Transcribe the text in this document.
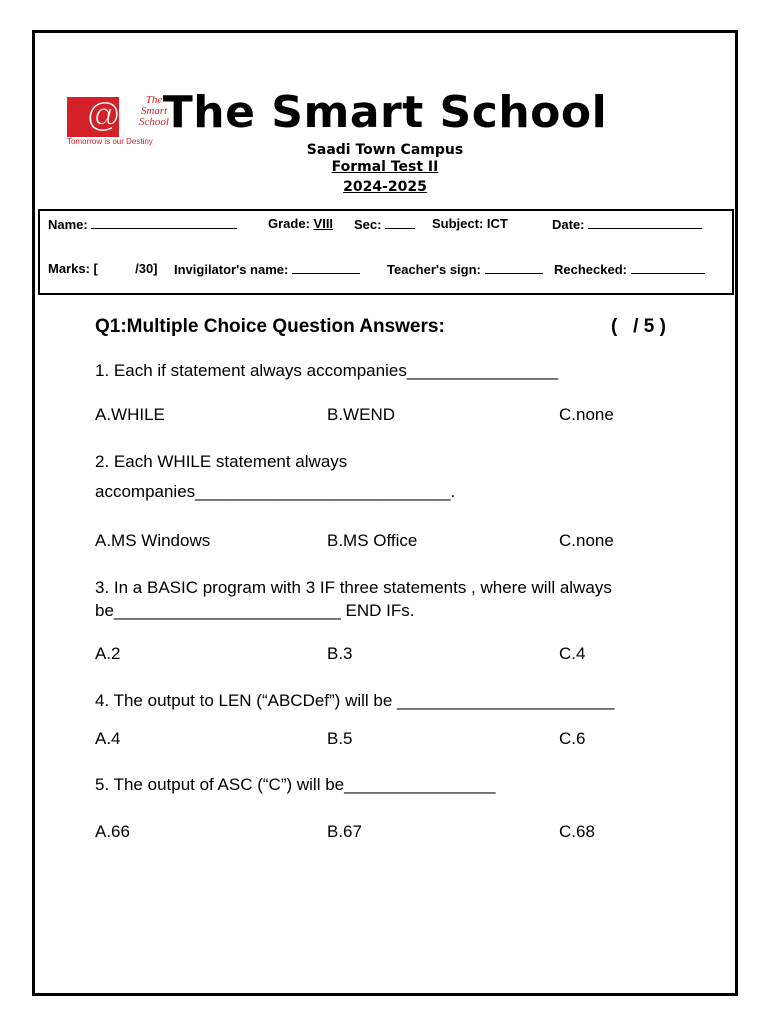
@	The
Smart
School
Tomorrow is our Destiny
The Smart School
Saadi Town Campus
Formal Test II
2024-2025
Name:	Grade: VIII Sec:	Subject: ICT	Date:
Marks: [	/30] Invigilator's name:	Teacher's sign:	Rechecked:
Q1:Multiple Choice Question Answers:	(   / 5 )
1. Each if statement always accompanies________________
A.WHILE	B.WEND	C.none
2. Each WHILE statement always
accompanies___________________________.
A.MS Windows	B.MS Office	C.none
3. In a BASIC program with 3 IF three statements , where will always
be________________________ END IFs.
A.2	B.3	C.4
4. The output to LEN (“ABCDef”) will be _______________________
A.4	B.5	C.6
5. The output of ASC (“C”) will be________________
A.66	B.67	C.68
